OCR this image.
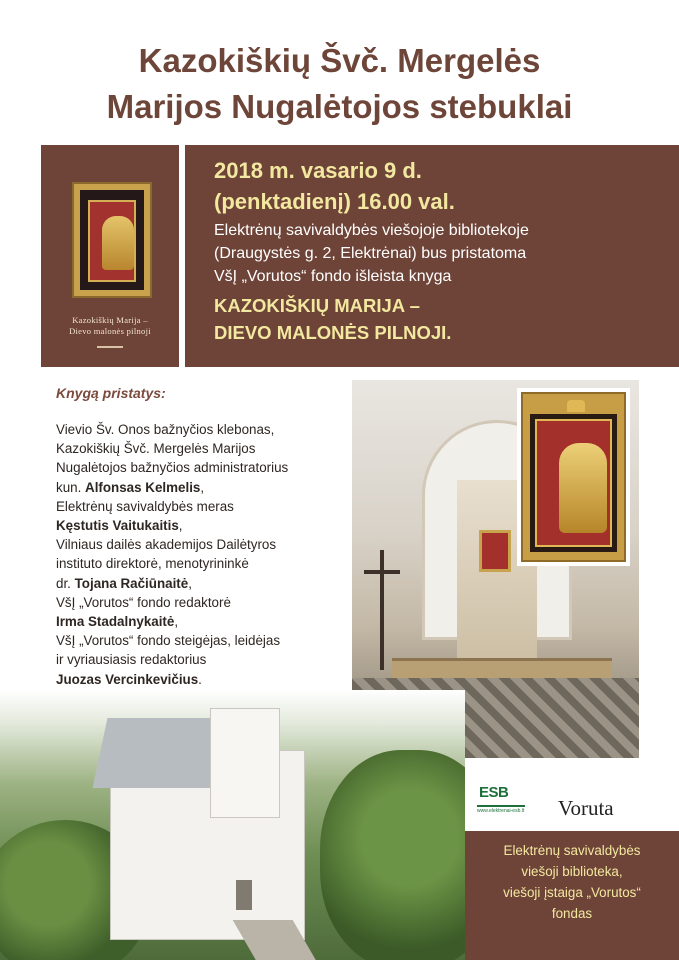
Kazokiškių Švč. Mergelės
Marijos Nugalėtojos stebuklai
Kazokiškių Marija –
Dievo malonės pilnoji
2018 m. vasario 9 d.
(penktadienį) 16.00 val.
Elektrėnų savivaldybės viešojoje bibliotekoje
(Draugystės g. 2, Elektrėnai) bus pristatoma
VšĮ „Vorutos“ fondo išleista knyga
KAZOKIŠKIŲ MARIJA –
DIEVO MALONĖS PILNOJI.
Knygą pristatys:
Vievio Šv. Onos bažnyčios klebonas,
Kazokiškių Švč. Mergelės Marijos
Nugalėtojos bažnyčios administratorius
kun. Alfonsas Kelmelis,
Elektrėnų savivaldybės meras
Kęstutis Vaitukaitis,
Vilniaus dailės akademijos Dailėtyros
instituto direktorė, menotyrininkė
dr. Tojana Račiūnaitė,
VšĮ „Vorutos“ fondo redaktorė
Irma Stadalnykaitė,
VšĮ „Vorutos“ fondo steigėjas, leidėjas
ir vyriausiasis redaktorius
Juozas Vercinkevičius.
ESB
www.elektrenai-esb.lt	Voruta
Elektrėnų savivaldybės
viešoji biblioteka,
viešoji įstaiga „Vorutos“
fondas
